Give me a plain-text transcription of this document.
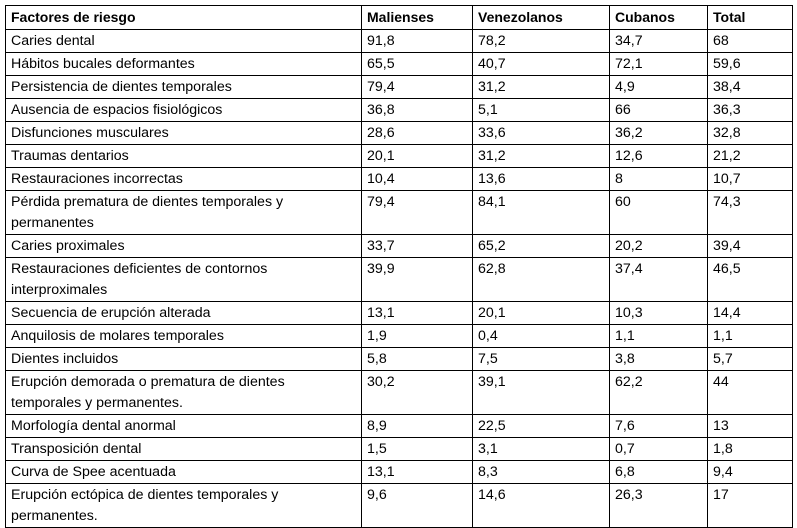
Factores de riesgo	Malienses	Venezolanos	Cubanos	Total
Caries dental	91,8	78,2	34,7	68
Hábitos bucales deformantes	65,5	40,7	72,1	59,6
Persistencia de dientes temporales	79,4	31,2	4,9	38,4
Ausencia de espacios fisiológicos	36,8	5,1	66	36,3
Disfunciones musculares	28,6	33,6	36,2	32,8
Traumas dentarios	20,1	31,2	12,6	21,2
Restauraciones incorrectas	10,4	13,6	8	10,7
Pérdida prematura de dientes temporales y permanentes	79,4	84,1	60	74,3
Caries proximales	33,7	65,2	20,2	39,4
Restauraciones deficientes de contornos interproximales	39,9	62,8	37,4	46,5
Secuencia de erupción alterada	13,1	20,1	10,3	14,4
Anquilosis de molares temporales	1,9	0,4	1,1	1,1
Dientes incluidos	5,8	7,5	3,8	5,7
Erupción demorada o prematura de dientes temporales y permanentes.	30,2	39,1	62,2	44
Morfología dental anormal	8,9	22,5	7,6	13
Transposición dental	1,5	3,1	0,7	1,8
Curva de Spee acentuada	13,1	8,3	6,8	9,4
Erupción ectópica de dientes temporales y permanentes.	9,6	14,6	26,3	17
